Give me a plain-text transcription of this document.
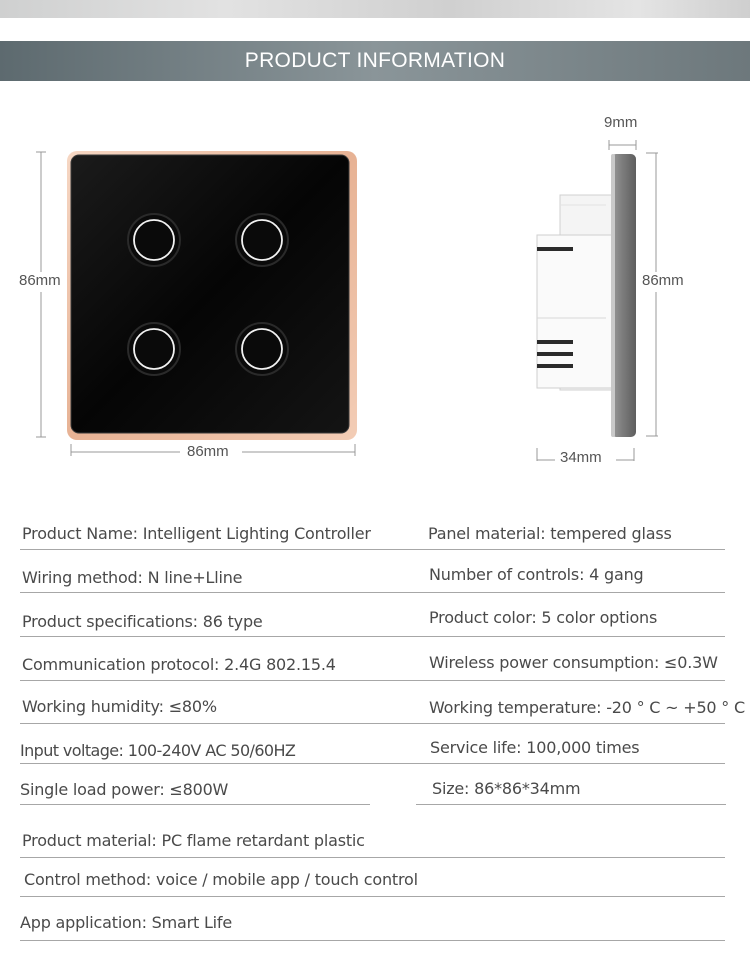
PRODUCT INFORMATION
86mm
86mm
9mm
86mm
34mm
Product Name: Intelligent Lighting Controller	Panel material: tempered glass
Wiring method: N line+Lline	Number of controls: 4 gang
Product specifications: 86 type	Product color: 5 color options
Communication protocol: 2.4G 802.15.4	Wireless power consumption: ≤0.3W
Working humidity: ≤80%	Working temperature: -20 ° C ~ +50 ° C
Input voltage: 100-240V AC 50/60HZ	Service life: 100,000 times
Single load power: ≤800W	Size: 86*86*34mm
Product material: PC flame retardant plastic
Control method: voice / mobile app / touch control
App application: Smart Life
